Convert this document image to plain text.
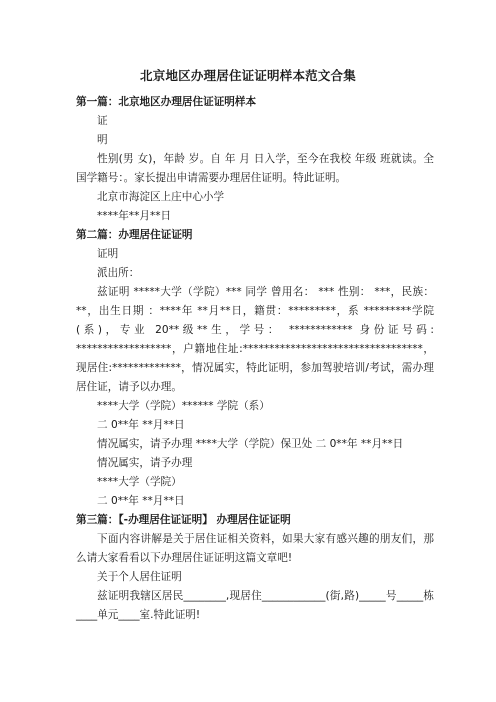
北京地区办理居住证证明样本范文合集
第一篇：北京地区办理居住证证明样本
证
明
性别(男 女)，年龄 岁。自 年 月 日入学，至今在我校 年级 班就读。全国学籍号：。家长提出申请需要办理居住证明。特此证明。
北京市海淀区上庄中心小学
****年**月**日
第二篇：办理居住证证明
证明
派出所：
兹证明 *****大学（学院）*** 同学 曾用名： *** 性别： ***，民族：**，出生日期 ：****年 **月**日，籍贯：*********，系 *********学院(系)，专业 20**级**生，学号： ************ 身份证号码: ******************，户籍地住址:**********************************，现居住:*************，情况属实，特此证明，参加驾驶培训/考试，需办理居住证，请予以办理。
****大学（学院）****** 学院（系）
二 0**年 **月**日
情况属实，请予办理 ****大学（学院）保卫处 二 0**年 **月**日
情况属实，请予办理
****大学（学院）
二 0**年 **月**日
第三篇：【-办理居住证证明】 办理居住证证明
下面内容讲解是关于居住证相关资料，如果大家有感兴趣的朋友们，那么请大家看看以下办理居住证证明这篇文章吧!
关于个人居住证明
兹证明我辖区居民________,现居住____________(街,路)_____号_____栋____单元____室.特此证明!
